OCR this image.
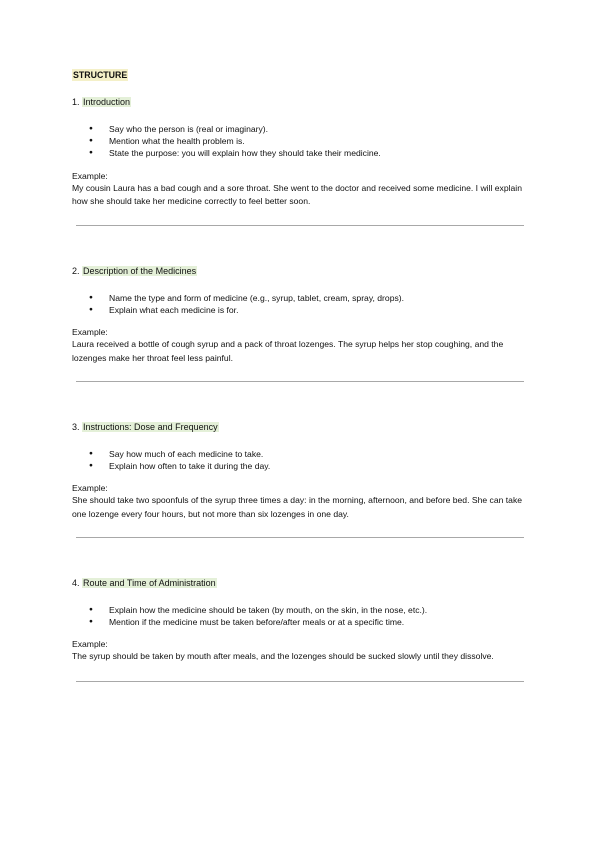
STRUCTURE

1. Introduction

● Say who the person is (real or imaginary).
● Mention what the health problem is.
● State the purpose: you will explain how they should take their medicine.
Example:
My cousin Laura has a bad cough and a sore throat. She went to the doctor and received some medicine. I will explain how she should take her medicine correctly to feel better soon.

2. Description of the Medicines

● Name the type and form of medicine (e.g., syrup, tablet, cream, spray, drops).
● Explain what each medicine is for.
Example:
Laura received a bottle of cough syrup and a pack of throat lozenges. The syrup helps her stop coughing, and the lozenges make her throat feel less painful.

3. Instructions: Dose and Frequency

● Say how much of each medicine to take.
● Explain how often to take it during the day.
Example:
She should take two spoonfuls of the syrup three times a day: in the morning, afternoon, and before bed. She can take one lozenge every four hours, but not more than six lozenges in one day.

4. Route and Time of Administration

● Explain how the medicine should be taken (by mouth, on the skin, in the nose, etc.).
● Mention if the medicine must be taken before/after meals or at a specific time.
Example:
The syrup should be taken by mouth after meals, and the lozenges should be sucked slowly until they dissolve.
